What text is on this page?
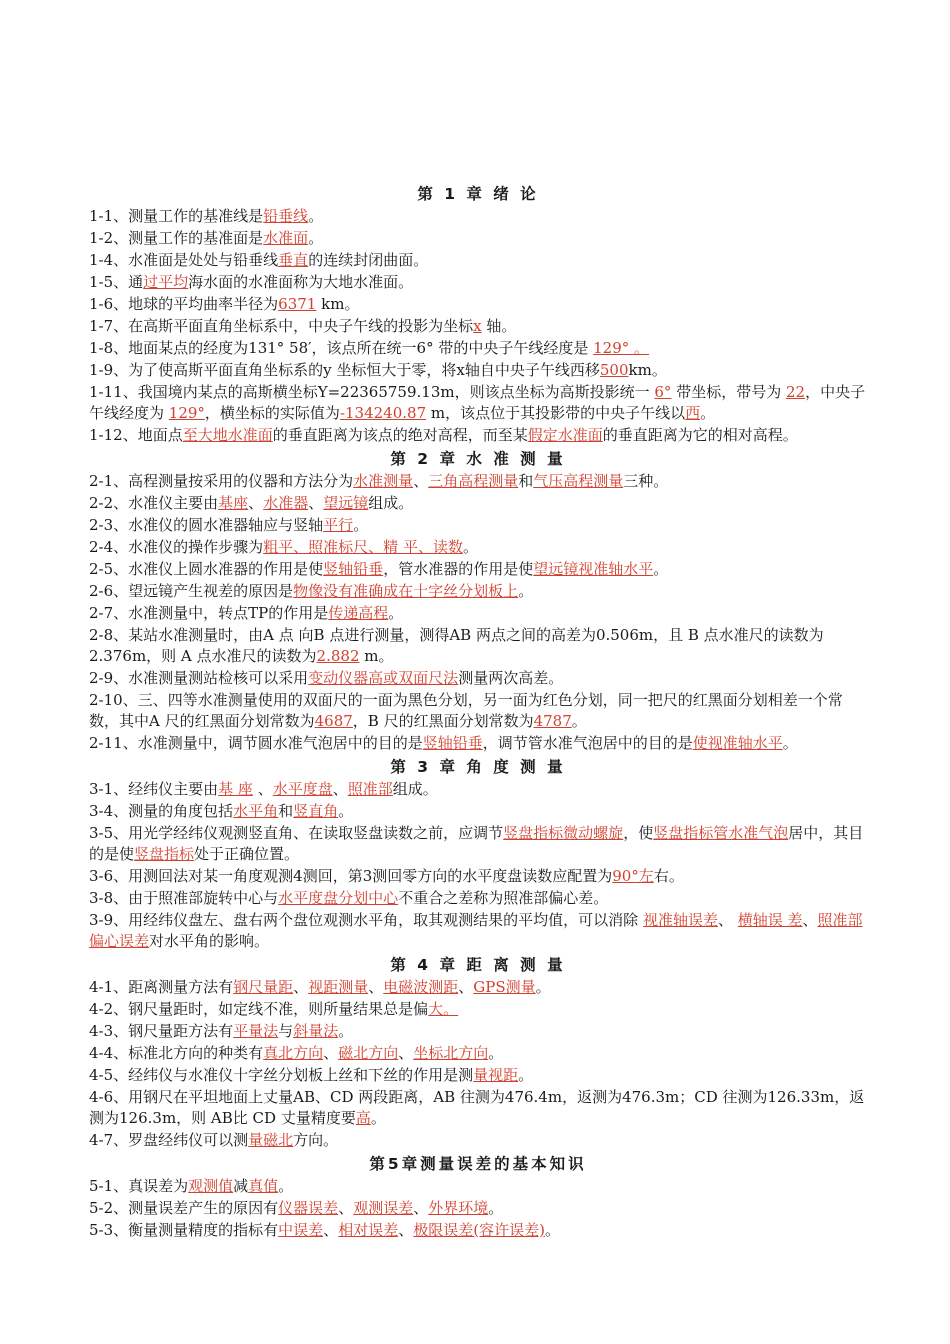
第 1 章 绪 论
1-1、测量工作的基准线是铅垂线。
1-2、测量工作的基准面是水准面。
1-4、水准面是处处与铅垂线垂直的连续封闭曲面。
1-5、通过平均海水面的水准面称为大地水准面。
1-6、地球的平均曲率半径为6371 km。
1-7、在高斯平面直角坐标系中，中央子午线的投影为坐标x 轴。
1-8、地面某点的经度为131° 58′，该点所在统一6° 带的中央子午线经度是 129° 。
1-9、为了使高斯平面直角坐标系的y 坐标恒大于零，将x轴自中央子午线西移500km。
1-11、我国境内某点的高斯横坐标Y=22365759.13m，则该点坐标为高斯投影统一 6° 带坐标，带号为 22，中央子午线经度为 129°，横坐标的实际值为-134240.87 m，该点位于其投影带的中央子午线以西。
1-12、地面点至大地水准面的垂直距离为该点的绝对高程，而至某假定水准面的垂直距离为它的相对高程。
第 2 章 水 准 测 量
2-1、高程测量按采用的仪器和方法分为水准测量、三角高程测量和气压高程测量三种。
2-2、水准仪主要由基座、水准器、望远镜组成。
2-3、水准仪的圆水准器轴应与竖轴平行。
2-4、水准仪的操作步骤为粗平、照准标尺、精 平、读数。
2-5、水准仪上圆水准器的作用是使竖轴铅垂，管水准器的作用是使望远镜视准轴水平。
2-6、望远镜产生视差的原因是物像没有准确成在十字丝分划板上。
2-7、水准测量中，转点TP的作用是传递高程。
2-8、某站水准测量时，由A 点 向B 点进行测量，测得AB 两点之间的高差为0.506m，且 B 点水准尺的读数为2.376m，则 A 点水准尺的读数为2.882 m。
2-9、水准测量测站检核可以采用变动仪器高或双面尺法测量两次高差。
2-10、三、四等水准测量使用的双面尺的一面为黑色分划，另一面为红色分划，同一把尺的红黑面分划相差一个常数，其中A 尺的红黑面分划常数为4687，B 尺的红黑面分划常数为4787。
2-11、水准测量中，调节圆水准气泡居中的目的是竖轴铅垂，调节管水准气泡居中的目的是使视准轴水平。
第 3 章 角 度 测 量
3-1、经纬仪主要由基 座 、水平度盘、照准部组成。
3-4、测量的角度包括水平角和竖直角。
3-5、用光学经纬仪观测竖直角、在读取竖盘读数之前，应调节竖盘指标微动螺旋，使竖盘指标管水准气泡居中，其目的是使竖盘指标处于正确位置。
3-6、用测回法对某一角度观测4测回，第3测回零方向的水平度盘读数应配置为90°左右。
3-8、由于照准部旋转中心与水平度盘分划中心不重合之差称为照准部偏心差。
3-9、用经纬仪盘左、盘右两个盘位观测水平角，取其观测结果的平均值，可以消除 视准轴误差、 横轴误 差、照准部偏心误差对水平角的影响。
第 4 章 距 离 测 量
4-1、距离测量方法有钢尺量距、视距测量、电磁波测距、GPS测量。
4-2、钢尺量距时，如定线不准，则所量结果总是偏大。
4-3、钢尺量距方法有平量法与斜量法。
4-4、标准北方向的种类有真北方向、磁北方向、坐标北方向。
4-5、经纬仪与水准仪十字丝分划板上丝和下丝的作用是测量视距。
4-6、用钢尺在平坦地面上丈量AB、CD 两段距离，AB 往测为476.4m，返测为476.3m；CD 往测为126.33m，返测为126.3m，则 AB比 CD 丈量精度要高。
4-7、罗盘经纬仪可以测量磁北方向。
第5章测量误差的基本知识
5-1、真误差为观测值减真值。
5-2、测量误差产生的原因有仪器误差、观测误差、外界环境。
5-3、衡量测量精度的指标有中误差、相对误差、极限误差(容许误差)。
